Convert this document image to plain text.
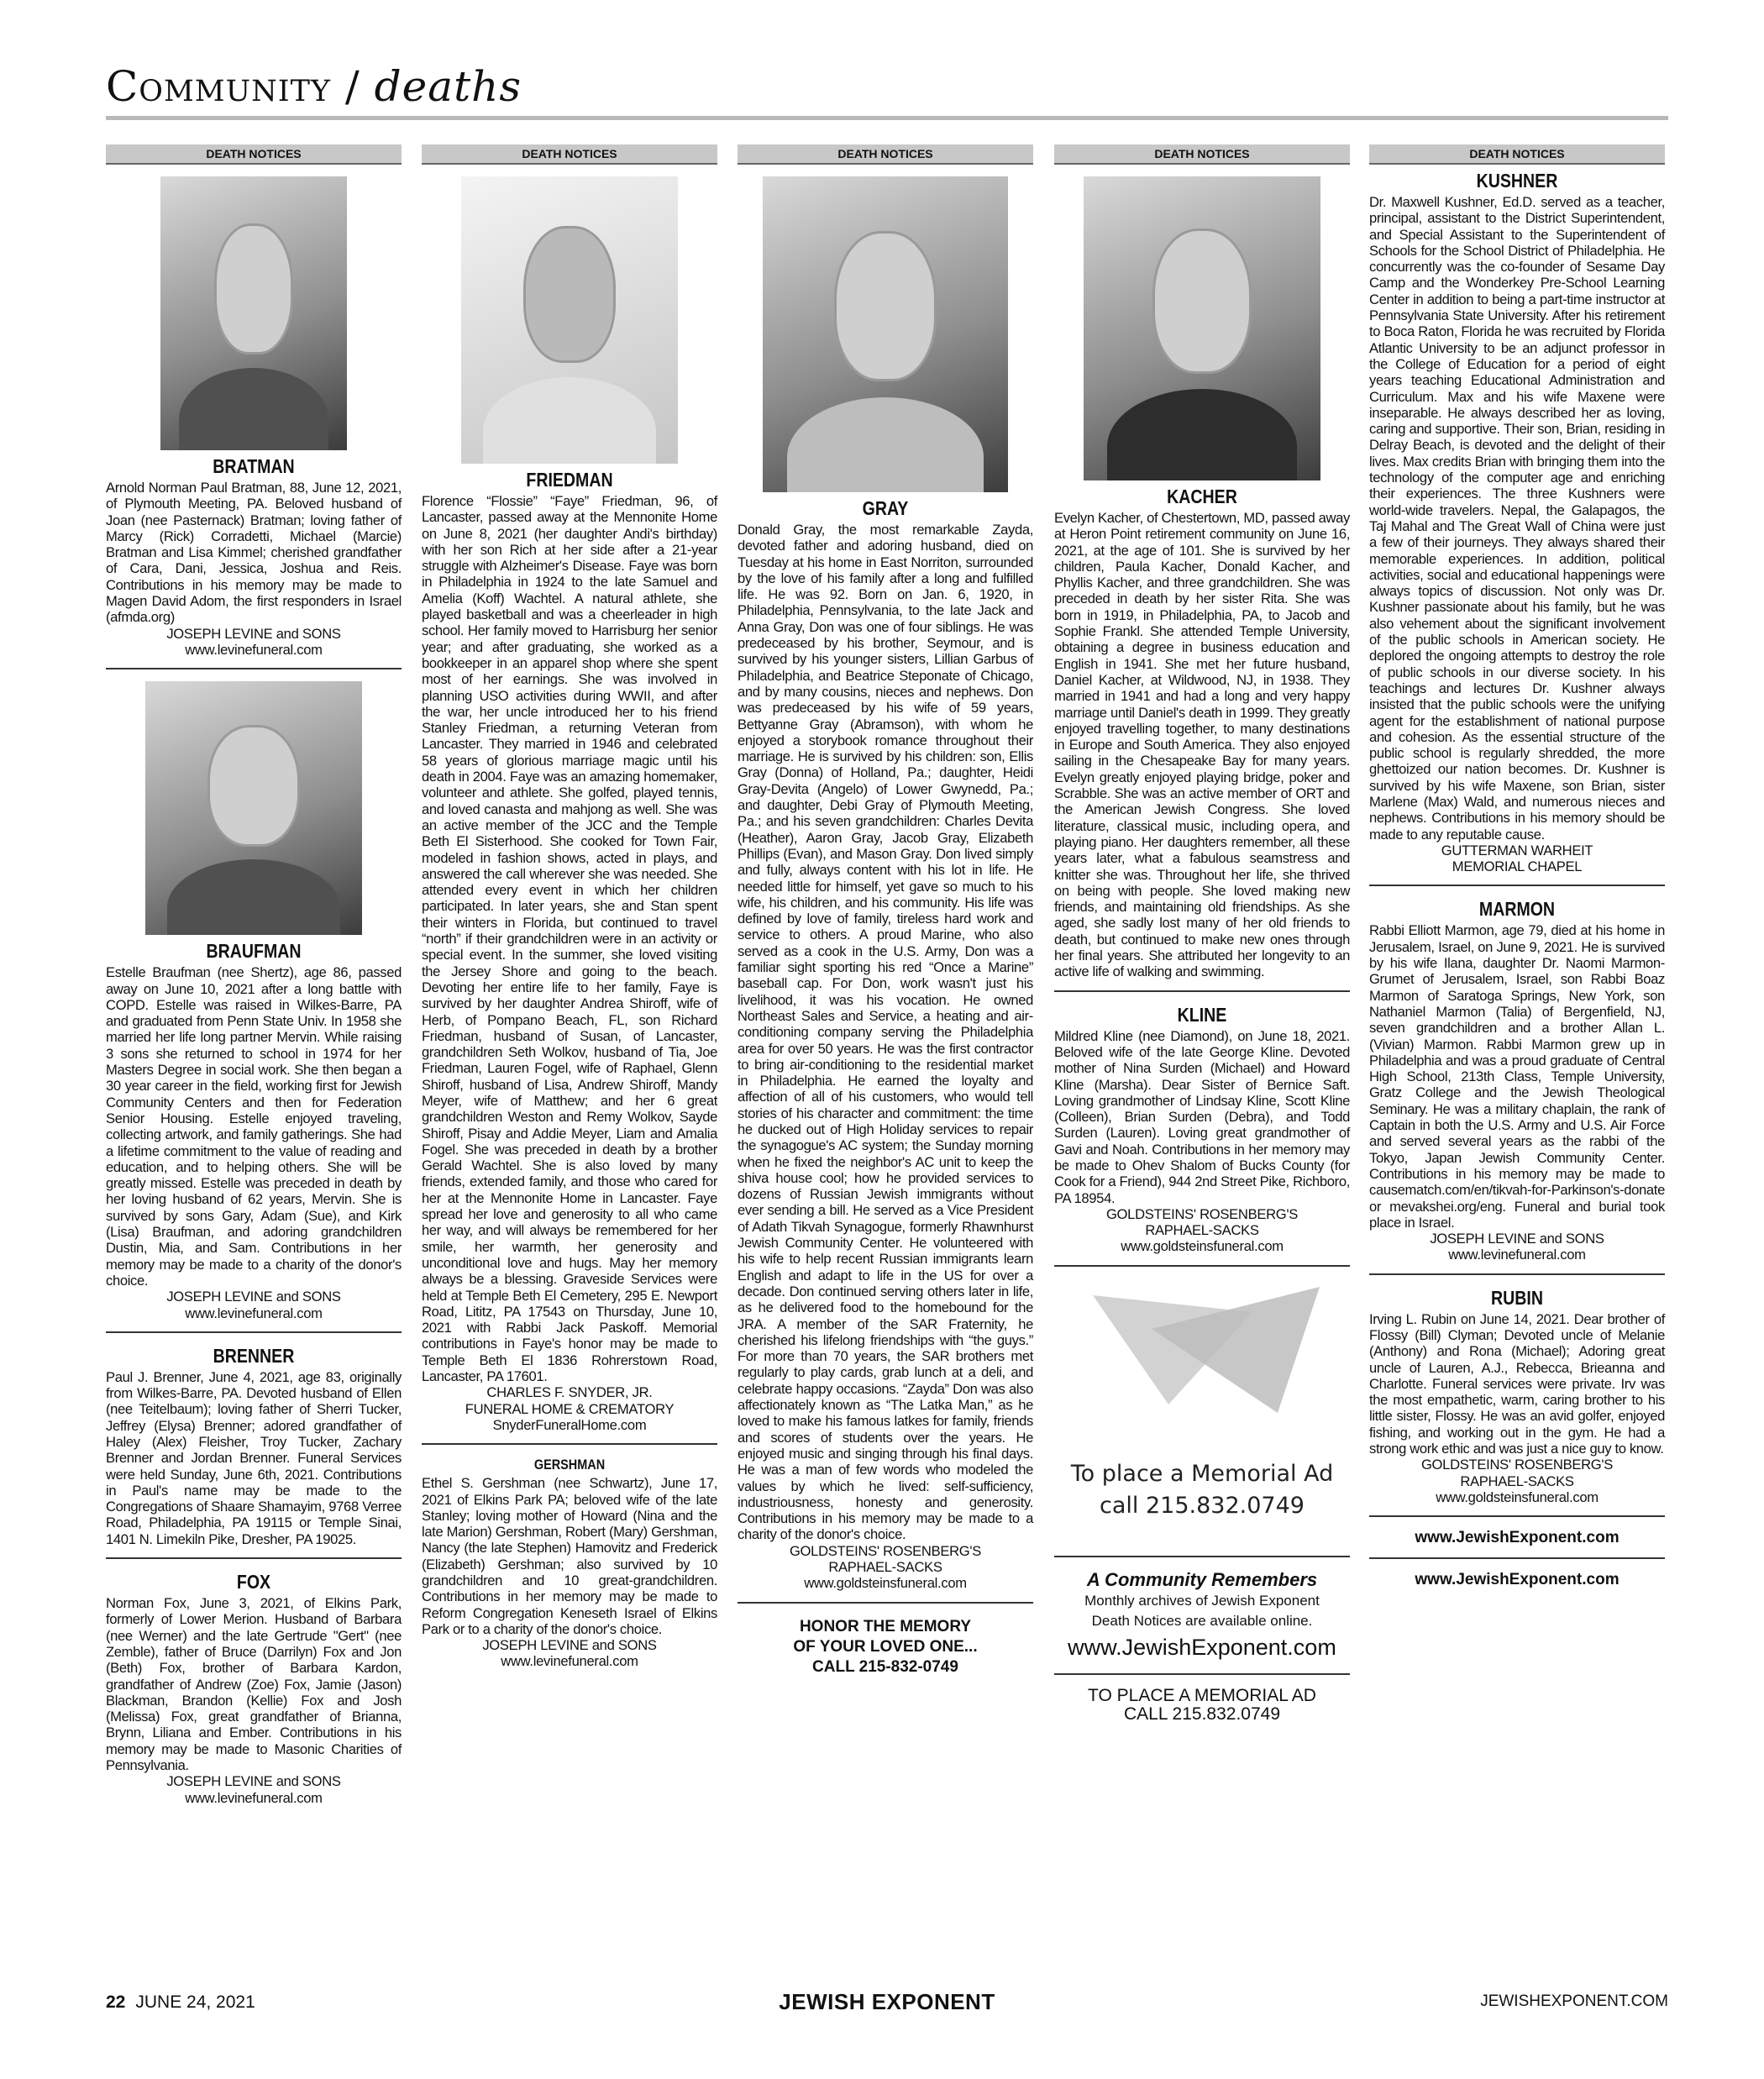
Community / deaths
DEATH NOTICES
BRATMAN
Arnold Norman Paul Bratman, 88, June 12, 2021, of Plymouth Meeting, PA. Beloved husband of Joan (nee Pasternack) Bratman; loving father of Marcy (Rick) Corradetti, Michael (Marcie) Bratman and Lisa Kimmel; cherished grandfather of Cara, Dani, Jessica, Joshua and Reis. Contributions in his memory may be made to Magen David Adom, the first responders in Israel (afmda.org)
JOSEPH LEVINE and SONS
www.levinefuneral.com
BRAUFMAN
Estelle Braufman (nee Shertz), age 86, passed away on June 10, 2021 after a long battle with COPD. Estelle was raised in Wilkes-Barre, PA and graduated from Penn State Univ. In 1958 she married her life long partner Mervin. While raising 3 sons she returned to school in 1974 for her Masters Degree in social work. She then began a 30 year career in the field, working first for Jewish Community Centers and then for Federation Senior Housing. Estelle enjoyed traveling, collecting artwork, and family gatherings. She had a lifetime commitment to the value of reading and education, and to helping others. She will be greatly missed. Estelle was preceded in death by her loving husband of 62 years, Mervin. She is survived by sons Gary, Adam (Sue), and Kirk (Lisa) Braufman, and adoring grandchildren Dustin, Mia, and Sam. Contributions in her memory may be made to a charity of the donor's choice.
JOSEPH LEVINE and SONS
www.levinefuneral.com
BRENNER
Paul J. Brenner, June 4, 2021, age 83, originally from Wilkes-Barre, PA. Devoted husband of Ellen (nee Teitelbaum); loving father of Sherri Tucker, Jeffrey (Elysa) Brenner; adored grandfather of Haley (Alex) Fleisher, Troy Tucker, Zachary Brenner and Jordan Brenner. Funeral Services were held Sunday, June 6th, 2021. Contributions in Paul's name may be made to the Congregations of Shaare Shamayim, 9768 Verree Road, Philadelphia, PA 19115 or Temple Sinai, 1401 N. Limekiln Pike, Dresher, PA 19025.
FOX
Norman Fox, June 3, 2021, of Elkins Park, formerly of Lower Merion. Husband of Barbara (nee Werner) and the late Gertrude "Gert" (nee Zemble), father of Bruce (Darrilyn) Fox and Jon (Beth) Fox, brother of Barbara Kardon, grandfather of Andrew (Zoe) Fox, Jamie (Jason) Blackman, Brandon (Kellie) Fox and Josh (Melissa) Fox, great grandfather of Brianna, Brynn, Liliana and Ember. Contributions in his memory may be made to Masonic Charities of Pennsylvania.
JOSEPH LEVINE and SONS
www.levinefuneral.com
DEATH NOTICES
FRIEDMAN
Florence “Flossie” “Faye” Friedman, 96, of Lancaster, passed away at the Mennonite Home on June 8, 2021 (her daughter Andi's birthday) with her son Rich at her side after a 21-year struggle with Alzheimer's Disease. Faye was born in Philadelphia in 1924 to the late Samuel and Amelia (Koff) Wachtel. A natural athlete, she played basketball and was a cheerleader in high school. Her family moved to Harrisburg her senior year; and after graduating, she worked as a bookkeeper in an apparel shop where she spent most of her earnings. She was involved in planning USO activities during WWII, and after the war, her uncle introduced her to his friend Stanley Friedman, a returning Veteran from Lancaster. They married in 1946 and celebrated 58 years of glorious marriage magic until his death in 2004. Faye was an amazing homemaker, volunteer and athlete. She golfed, played tennis, and loved canasta and mahjong as well. She was an active member of the JCC and the Temple Beth El Sisterhood. She cooked for Town Fair, modeled in fashion shows, acted in plays, and answered the call wherever she was needed. She attended every event in which her children participated. In later years, she and Stan spent their winters in Florida, but continued to travel “north” if their grandchildren were in an activity or special event. In the summer, she loved visiting the Jersey Shore and going to the beach. Devoting her entire life to her family, Faye is survived by her daughter Andrea Shiroff, wife of Herb, of Pompano Beach, FL, son Richard Friedman, husband of Susan, of Lancaster, grandchildren Seth Wolkov, husband of Tia, Joe Friedman, Lauren Fogel, wife of Raphael, Glenn Shiroff, husband of Lisa, Andrew Shiroff, Mandy Meyer, wife of Matthew; and her 6 great grandchildren Weston and Remy Wolkov, Sayde Shiroff, Pisay and Addie Meyer, Liam and Amalia Fogel. She was preceded in death by a brother Gerald Wachtel. She is also loved by many friends, extended family, and those who cared for her at the Mennonite Home in Lancaster. Faye spread her love and generosity to all who came her way, and will always be remembered for her smile, her warmth, her generosity and unconditional love and hugs. May her memory always be a blessing. Graveside Services were held at Temple Beth El Cemetery, 295 E. Newport Road, Lititz, PA 17543 on Thursday, June 10, 2021 with Rabbi Jack Paskoff. Memorial contributions in Faye's honor may be made to Temple Beth El 1836 Rohrerstown Road, Lancaster, PA 17601.
CHARLES F. SNYDER, JR.
FUNERAL HOME & CREMATORY
SnyderFuneralHome.com
GERSHMAN
Ethel S. Gershman (nee Schwartz), June 17, 2021 of Elkins Park PA; beloved wife of the late Stanley; loving mother of Howard (Nina and the late Marion) Gershman, Robert (Mary) Gershman, Nancy (the late Stephen) Hamovitz and Frederick (Elizabeth) Gershman; also survived by 10 grandchildren and 10 great-grandchildren. Contributions in her memory may be made to Reform Congregation Keneseth Israel of Elkins Park or to a charity of the donor's choice.
JOSEPH LEVINE and SONS
www.levinefuneral.com
DEATH NOTICES
GRAY
Donald Gray, the most remarkable Zayda, devoted father and adoring husband, died on Tuesday at his home in East Norriton, surrounded by the love of his family after a long and fulfilled life. He was 92. Born on Jan. 6, 1920, in Philadelphia, Pennsylvania, to the late Jack and Anna Gray, Don was one of four siblings. He was predeceased by his brother, Seymour, and is survived by his younger sisters, Lillian Garbus of Philadelphia, and Beatrice Steponate of Chicago, and by many cousins, nieces and nephews. Don was predeceased by his wife of 59 years, Bettyanne Gray (Abramson), with whom he enjoyed a storybook romance throughout their marriage. He is survived by his children: son, Ellis Gray (Donna) of Holland, Pa.; daughter, Heidi Gray-Devita (Angelo) of Lower Gwynedd, Pa.; and daughter, Debi Gray of Plymouth Meeting, Pa.; and his seven grandchildren: Charles Devita (Heather), Aaron Gray, Jacob Gray, Elizabeth Phillips (Evan), and Mason Gray. Don lived simply and fully, always content with his lot in life. He needed little for himself, yet gave so much to his wife, his children, and his community. His life was defined by love of family, tireless hard work and service to others. A proud Marine, who also served as a cook in the U.S. Army, Don was a familiar sight sporting his red “Once a Marine” baseball cap. For Don, work wasn't just his livelihood, it was his vocation. He owned Northeast Sales and Service, a heating and air-conditioning company serving the Philadelphia area for over 50 years. He was the first contractor to bring air-conditioning to the residential market in Philadelphia. He earned the loyalty and affection of all of his customers, who would tell stories of his character and commitment: the time he ducked out of High Holiday services to repair the synagogue's AC system; the Sunday morning when he fixed the neighbor's AC unit to keep the shiva house cool; how he provided services to dozens of Russian Jewish immigrants without ever sending a bill. He served as a Vice President of Adath Tikvah Synagogue, formerly Rhawnhurst Jewish Community Center. He volunteered with his wife to help recent Russian immigrants learn English and adapt to life in the US for over a decade. Don continued serving others later in life, as he delivered food to the homebound for the JRA. A member of the SAR Fraternity, he cherished his lifelong friendships with “the guys.” For more than 70 years, the SAR brothers met regularly to play cards, grab lunch at a deli, and celebrate happy occasions. “Zayda” Don was also affectionately known as “The Latka Man,” as he loved to make his famous latkes for family, friends and scores of students over the years. He enjoyed music and singing through his final days. He was a man of few words who modeled the values by which he lived: self-sufficiency, industriousness, honesty and generosity. Contributions in his memory may be made to a charity of the donor's choice.
GOLDSTEINS' ROSENBERG'S
RAPHAEL-SACKS
www.goldsteinsfuneral.com
HONOR THE MEMORY
OF YOUR LOVED ONE...
CALL 215-832-0749
DEATH NOTICES
KACHER
Evelyn Kacher, of Chestertown, MD, passed away at Heron Point retirement community on June 16, 2021, at the age of 101. She is survived by her children, Paula Kacher, Donald Kacher, and Phyllis Kacher, and three grandchildren. She was preceded in death by her sister Rita. She was born in 1919, in Philadelphia, PA, to Jacob and Sophie Frankl. She attended Temple University, obtaining a degree in business education and English in 1941. She met her future husband, Daniel Kacher, at Wildwood, NJ, in 1938. They married in 1941 and had a long and very happy marriage until Daniel's death in 1999. They greatly enjoyed travelling together, to many destinations in Europe and South America. They also enjoyed sailing in the Chesapeake Bay for many years. Evelyn greatly enjoyed playing bridge, poker and Scrabble. She was an active member of ORT and the American Jewish Congress. She loved literature, classical music, including opera, and playing piano. Her daughters remember, all these years later, what a fabulous seamstress and knitter she was. Throughout her life, she thrived on being with people. She loved making new friends, and maintaining old friendships. As she aged, she sadly lost many of her old friends to death, but continued to make new ones through her final years. She attributed her longevity to an active life of walking and swimming.
KLINE
Mildred Kline (nee Diamond), on June 18, 2021. Beloved wife of the late George Kline. Devoted mother of Nina Surden (Michael) and Howard Kline (Marsha). Dear Sister of Bernice Saft. Loving grandmother of Lindsay Kline, Scott Kline (Colleen), Brian Surden (Debra), and Todd Surden (Lauren). Loving great grandmother of Gavi and Noah. Contributions in her memory may be made to Ohev Shalom of Bucks County (for Cook for a Friend), 944 2nd Street Pike, Richboro, PA 18954.
GOLDSTEINS' ROSENBERG'S
RAPHAEL-SACKS
www.goldsteinsfuneral.com
To place a Memorial Ad
call 215.832.0749
A Community Remembers
Monthly archives of Jewish Exponent
Death Notices are available online.
www.JewishExponent.com
TO PLACE A MEMORIAL AD
CALL 215.832.0749
DEATH NOTICES
KUSHNER
Dr. Maxwell Kushner, Ed.D. served as a teacher, principal, assistant to the District Superintendent, and Special Assistant to the Superintendent of Schools for the School District of Philadelphia. He concurrently was the co-founder of Sesame Day Camp and the Wonderkey Pre-School Learning Center in addition to being a part-time instructor at Pennsylvania State University. After his retirement to Boca Raton, Florida he was recruited by Florida Atlantic University to be an adjunct professor in the College of Education for a period of eight years teaching Educational Administration and Curriculum. Max and his wife Maxene were inseparable. He always described her as loving, caring and supportive. Their son, Brian, residing in Delray Beach, is devoted and the delight of their lives. Max credits Brian with bringing them into the technology of the computer age and enriching their experiences. The three Kushners were world-wide travelers. Nepal, the Galapagos, the Taj Mahal and The Great Wall of China were just a few of their journeys. They always shared their memorable experiences. In addition, political activities, social and educational happenings were always topics of discussion. Not only was Dr. Kushner passionate about his family, but he was also vehement about the significant involvement of the public schools in American society. He deplored the ongoing attempts to destroy the role of public schools in our diverse society. In his teachings and lectures Dr. Kushner always insisted that the public schools were the unifying agent for the establishment of national purpose and cohesion. As the essential structure of the public school is regularly shredded, the more ghettoized our nation becomes. Dr. Kushner is survived by his wife Maxene, son Brian, sister Marlene (Max) Wald, and numerous nieces and nephews. Contributions in his memory should be made to any reputable cause.
GUTTERMAN WARHEIT
MEMORIAL CHAPEL
MARMON
Rabbi Elliott Marmon, age 79, died at his home in Jerusalem, Israel, on June 9, 2021. He is survived by his wife Ilana, daughter Dr. Naomi Marmon-Grumet of Jerusalem, Israel, son Rabbi Boaz Marmon of Saratoga Springs, New York, son Nathaniel Marmon (Talia) of Bergenfield, NJ, seven grandchildren and a brother Allan L. (Vivian) Marmon. Rabbi Marmon grew up in Philadelphia and was a proud graduate of Central High School, 213th Class, Temple University, Gratz College and the Jewish Theological Seminary. He was a military chaplain, the rank of Captain in both the U.S. Army and U.S. Air Force and served several years as the rabbi of the Tokyo, Japan Jewish Community Center. Contributions in his memory may be made to causematch.com/en/tikvah-for-Parkinson's-donate or mevakshei.org/eng. Funeral and burial took place in Israel.
JOSEPH LEVINE and SONS
www.levinefuneral.com
RUBIN
Irving L. Rubin on June 14, 2021. Dear brother of Flossy (Bill) Clyman; Devoted uncle of Melanie (Anthony) and Rona (Michael); Adoring great uncle of Lauren, A.J., Rebecca, Brieanna and Charlotte. Funeral services were private. Irv was the most empathetic, warm, caring brother to his little sister, Flossy. He was an avid golfer, enjoyed fishing, and working out in the gym. He had a strong work ethic and was just a nice guy to know.
GOLDSTEINS' ROSENBERG'S
RAPHAEL-SACKS
www.goldsteinsfuneral.com
www.JewishExponent.com
www.JewishExponent.com
22 JUNE 24, 2021	JEWISH EXPONENT	JEWISHEXPONENT.COM
